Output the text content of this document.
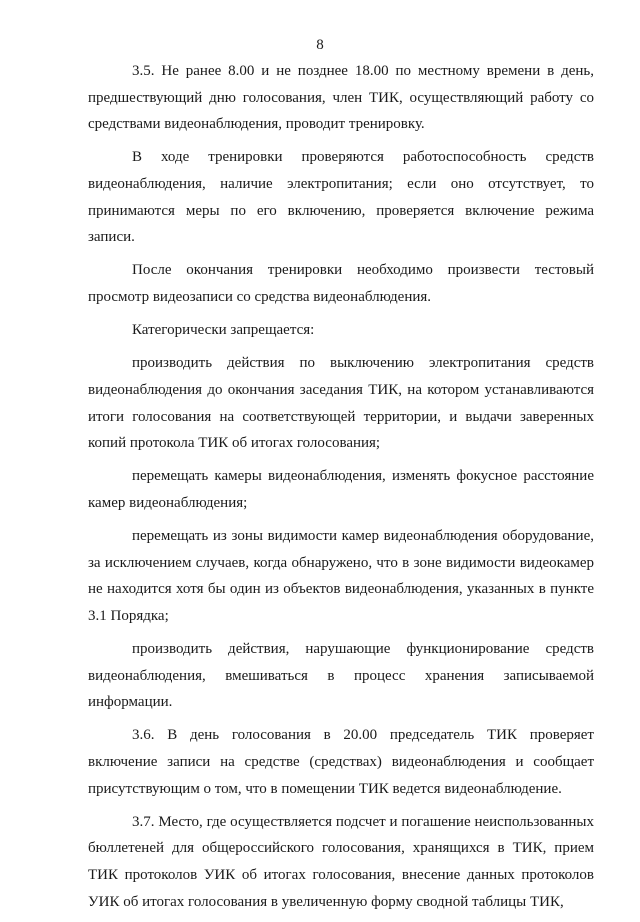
8

3.5. Не ранее 8.00 и не позднее 18.00 по местному времени в день, предшествующий дню голосования, член ТИК, осуществляющий работу со средствами видеонаблюдения, проводит тренировку.

В ходе тренировки проверяются работоспособность средств видеонаблюдения, наличие электропитания; если оно отсутствует, то принимаются меры по его включению, проверяется включение режима записи.

После окончания тренировки необходимо произвести тестовый просмотр видеозаписи со средства видеонаблюдения.

Категорически запрещается:

производить действия по выключению электропитания средств видеонаблюдения до окончания заседания ТИК, на котором устанавливаются итоги голосования на соответствующей территории, и выдачи заверенных копий протокола ТИК об итогах голосования;

перемещать камеры видеонаблюдения, изменять фокусное расстояние камер видеонаблюдения;

перемещать из зоны видимости камер видеонаблюдения оборудование, за исключением случаев, когда обнаружено, что в зоне видимости видеокамер не находится хотя бы один из объектов видеонаблюдения, указанных в пункте 3.1 Порядка;

производить действия, нарушающие функционирование средств видеонаблюдения, вмешиваться в процесс хранения записываемой информации.

3.6. В день голосования в 20.00 председатель ТИК проверяет включение записи на средстве (средствах) видеонаблюдения и сообщает присутствующим о том, что в помещении ТИК ведется видеонаблюдение.

3.7. Место, где осуществляется подсчет и погашение неиспользованных бюллетеней для общероссийского голосования, хранящихся в ТИК, прием ТИК протоколов УИК об итогах голосования, внесение данных протоколов УИК об итогах голосования в увеличенную форму сводной таблицы ТИК,
